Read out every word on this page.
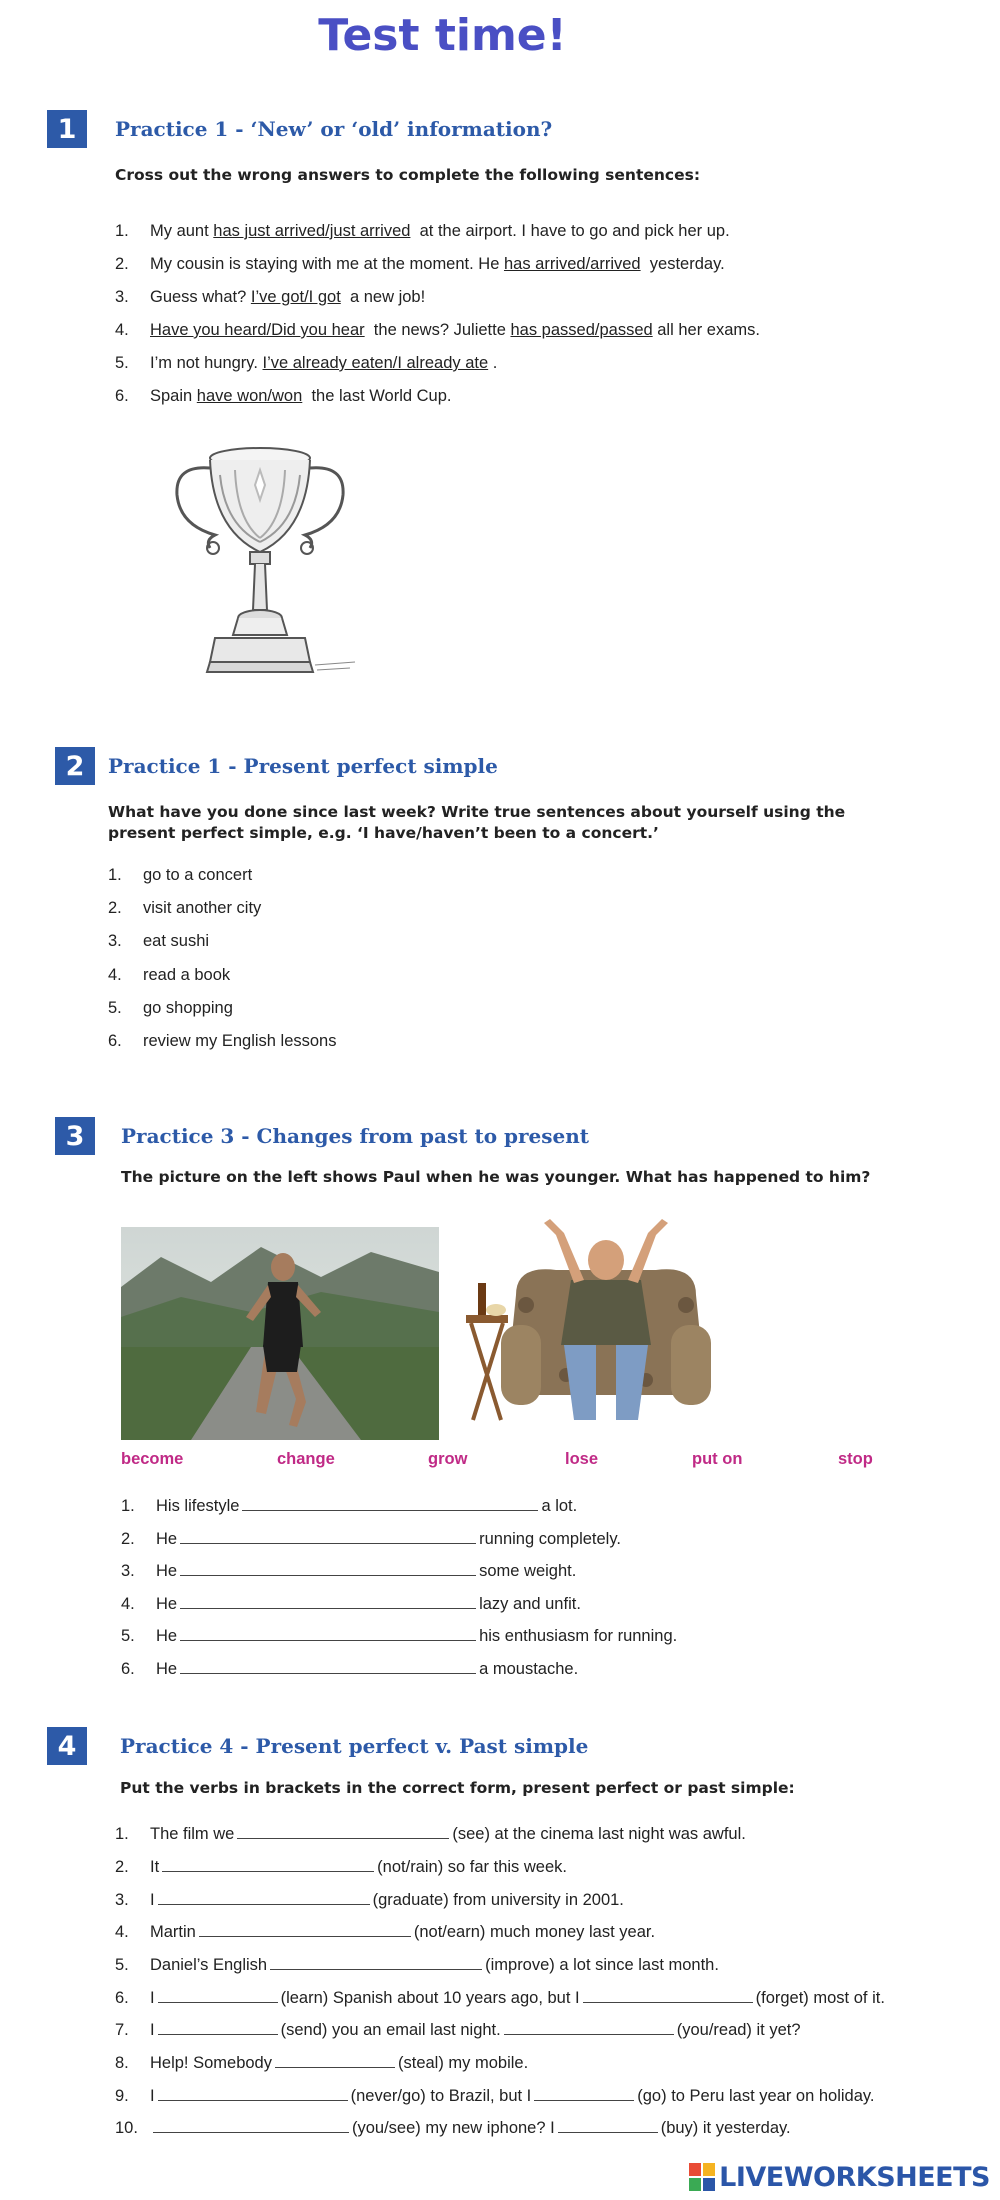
Test time!
1	Practice 1 - ‘New’ or ‘old’ information?
Cross out the wrong answers to complete the following sentences:
1. My aunt has just arrived/just arrived  at the airport. I have to go and pick her up.
2. My cousin is staying with me at the moment. He has arrived/arrived  yesterday.
3. Guess what? I’ve got/I got  a new job!
4. Have you heard/Did you hear  the news? Juliette has passed/passed all her exams.
5. I’m not hungry. I’ve already eaten/I already ate .
6. Spain have won/won  the last World Cup.
2	Practice 1 - Present perfect simple
What have you done since last week? Write true sentences about yourself using the present perfect simple, e.g. ‘I have/haven’t been to a concert.’
1. go to a concert
2. visit another city
3. eat sushi
4. read a book
5. go shopping
6. review my English lessons
3	Practice 3 - Changes from past to present
The picture on the left shows Paul when he was younger. What has happened to him?
become	change	grow	lose	put on	stop
1. His lifestyle	a lot.
2. He	running completely.
3. He	some weight.
4. He	lazy and unfit.
5. He	his enthusiasm for running.
6. He	a moustache.
4	Practice 4 - Present perfect v. Past simple
Put the verbs in brackets in the correct form, present perfect or past simple:
1. The film we	(see) at the cinema last night was awful.
2. It	(not/rain) so far this week.
3. I	(graduate) from university in 2001.
4. Martin	(not/earn) much money last year.
5. Daniel’s English	(improve) a lot since last month.
6. I	(learn) Spanish about 10 years ago, but I	(forget) most of it.
7. I	(send) you an email last night.	(you/read) it yet?
8. Help! Somebody	(steal) my mobile.
9. I	(never/go) to Brazil, but I	(go) to Peru last year on holiday.
10.	(you/see) my new iphone? I	(buy) it yesterday.
LIVEWORKSHEETS
